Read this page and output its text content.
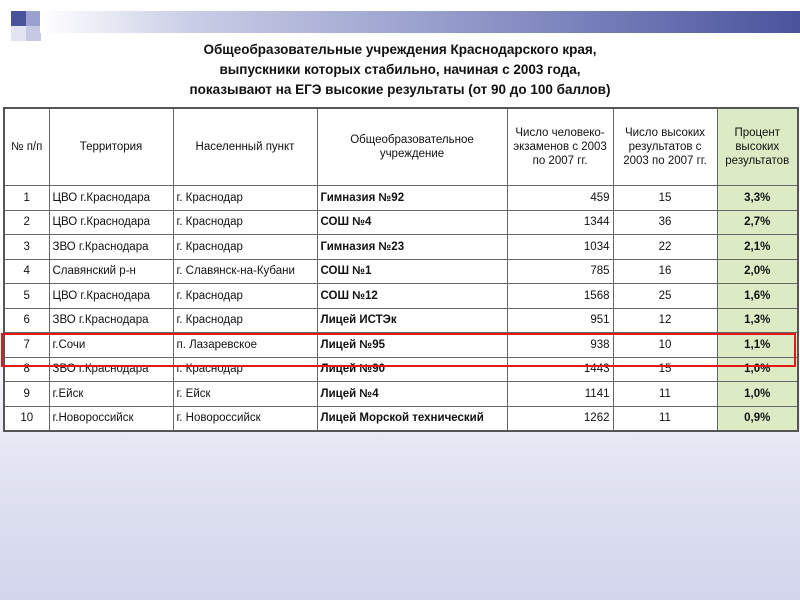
Общеобразовательные учреждения Краснодарского края,
выпускники которых стабильно, начиная с 2003 года,
показывают на ЕГЭ высокие результаты (от 90 до 100 баллов)
№ п/п	Территория	Населенный пункт	Общеобразовательное учреждение	Число человеко-экзаменов с 2003 по 2007 гг.	Число высоких результатов с 2003 по 2007 гг.	Процент высоких результатов
1	ЦВО г.Краснодара	г. Краснодар	Гимназия №92	459	15	3,3%
2	ЦВО г.Краснодара	г. Краснодар	СОШ №4	1344	36	2,7%
3	ЗВО г.Краснодара	г. Краснодар	Гимназия №23	1034	22	2,1%
4	Славянский р-н	г. Славянск-на-Кубани	СОШ №1	785	16	2,0%
5	ЦВО г.Краснодара	г. Краснодар	СОШ №12	1568	25	1,6%
6	ЗВО г.Краснодара	г. Краснодар	Лицей ИСТЭк	951	12	1,3%
7	г.Сочи	п. Лазаревское	Лицей №95	938	10	1,1%
8	ЗВО г.Краснодара	г. Краснодар	Лицей №90	1443	15	1,0%
9	г.Ейск	г. Ейск	Лицей №4	1141	11	1,0%
10	г.Новороссийск	г. Новороссийск	Лицей Морской технический	1262	11	0,9%
